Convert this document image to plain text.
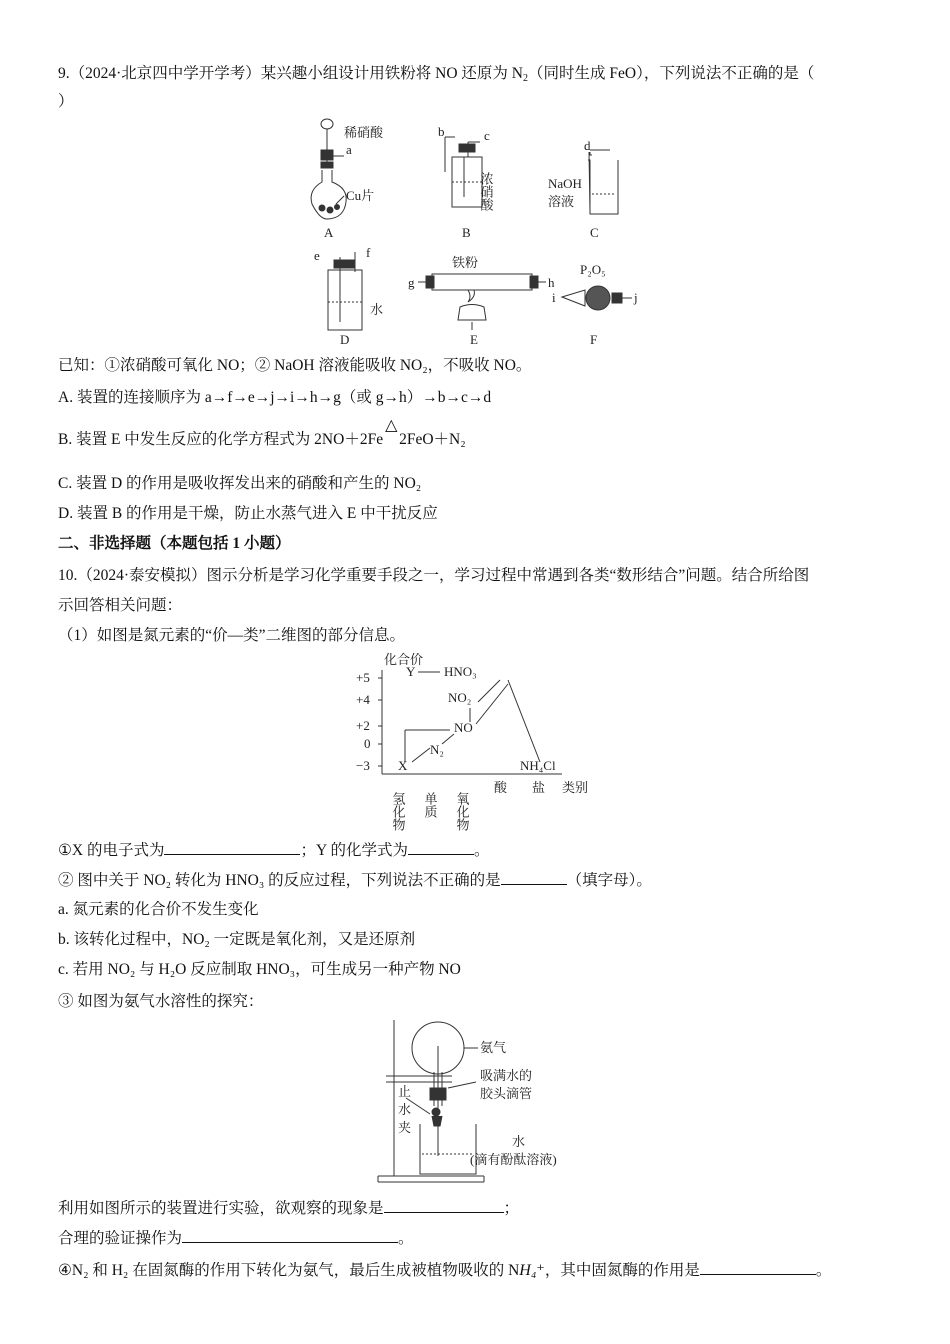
9.（2024·北京四中学开学考）某兴趣小组设计用铁粉将 NO 还原为 $N_2$（同时生成 FeO），下列说法不正确的是（
）
稀硝酸
a
Cu片
A
b	c
浓硝酸
B
d
NaOH
溶液
C
e	f
水
D
铁粉
g	h
E
P₂O₅
i	j
F
已知：①浓硝酸可氧化 NO；② NaOH 溶液能吸收 NO₂，不吸收 NO。
A. 装置的连接顺序为 a→f→e→j→i→h→g（或 g→h）→b→c→d
B. 装置 E 中发生反应的化学方程式为 2NO＋2Fe
△
2FeO＋N₂
C. 装置 D 的作用是吸收挥发出来的硝酸和产生的 NO₂
D. 装置 B 的作用是干燥，防止水蒸气进入 E 中干扰反应
二、非选择题（本题包括 1 小题）
10.（2024·泰安模拟）图示分析是学习化学重要手段之一，学习过程中常遇到各类“数形结合”问题。结合所给图
示回答相关问题：
（1）如图是氮元素的“价—类”二维图的部分信息。
+5
+4
+2
0
−3
化合价
Y HNO₃
NO₂
NO
N₂
X	NH₄Cl
氢化物 单质 氧化物
酸 盐 类别
①X 的电子式为	；Y 的化学式为	。
② 图中关于 NO₂ 转化为 HNO₃ 的反应过程，下列说法不正确的是	（填字母）。
a. 氮元素的化合价不发生变化
b. 该转化过程中，NO₂ 一定既是氧化剂，又是还原剂
c. 若用 NO₂ 与 H₂O 反应制取 HNO₃，可生成另一种产物 NO
③ 如图为氨气水溶性的探究：
氨气
吸满水的
胶头滴管
止
水
夹
水
(滴有酚酞溶液)
利用如图所示的装置进行实验，欲观察的现象是	；
合理的验证操作为	。
④N₂ 和 H₂ 在固氮酶的作用下转化为氨气，最后生成被植物吸收的 NH₄⁺，其中固氮酶的作用是	。
